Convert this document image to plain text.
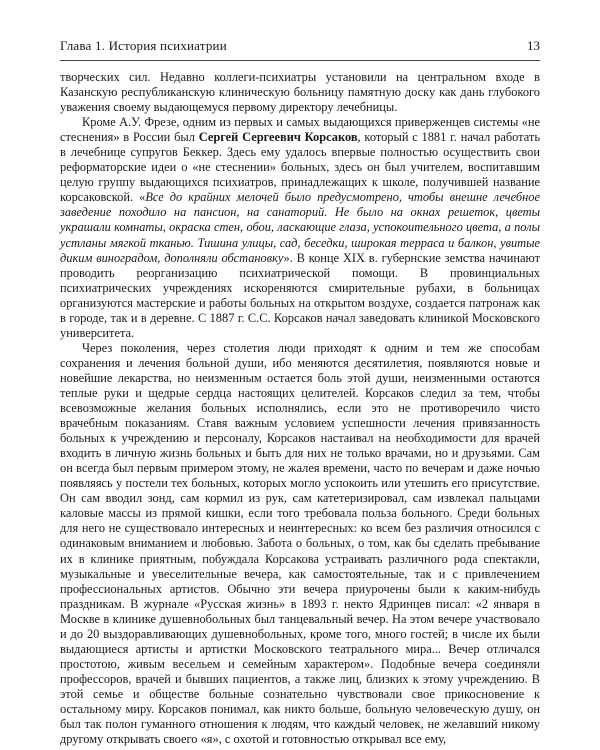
Глава 1. История психиатрии	13

творческих сил. Недавно коллеги-психиатры установили на центральном входе в Казанскую республиканскую клиническую больницу памятную доску как дань глубокого уважения своему выдающемуся первому директору лечебницы.

Кроме А.У. Фрезе, одним из первых и самых выдающихся приверженцев системы «не стеснения» в России был Сергей Сергеевич Корсаков, который с 1881 г. начал работать в лечебнице супругов Беккер. Здесь ему удалось впервые полностью осуществить свои реформаторские идеи о «не стеснении» больных, здесь он был учителем, воспитавшим целую группу выдающихся психиатров, принадлежащих к школе, получившей название корсаковской. «Все до крайних мелочей было предусмотрено, чтобы внешне лечебное заведение походило на пансион, на санаторий. Не было на окнах решеток, цветы украшали комнаты, окраска стен, обои, ласкающие глаза, успокоительного цвета, а полы устланы мягкой тканью. Тишина улицы, сад, беседки, широкая терраса и балкон, увитые диким виноградом, дополняли обстановку». В конце XIX в. губернские земства начинают проводить реорганизацию психиатрической помощи. В провинциальных психиатрических учреждениях искореняются смирительные рубахи, в больницах организуются мастерские и работы больных на открытом воздухе, создается патронаж как в городе, так и в деревне. С 1887 г. С.С. Корсаков начал заведовать клиникой Московского университета.

Через поколения, через столетия люди приходят к одним и тем же способам сохранения и лечения больной души, ибо меняются десятилетия, появляются новые и новейшие лекарства, но неизменным остается боль этой души, неизменными остаются теплые руки и щедрые сердца настоящих целителей. Корсаков следил за тем, чтобы всевозможные желания больных исполнялись, если это не противоречило чисто врачебным показаниям. Ставя важным условием успешности лечения привязанность больных к учреждению и персоналу, Корсаков настаивал на необходимости для врачей входить в личную жизнь больных и быть для них не только врачами, но и друзьями. Сам он всегда был первым примером этому, не жалея времени, часто по вечерам и даже ночью появляясь у постели тех больных, которых могло успокоить или утешить его присутствие. Он сам вводил зонд, сам кормил из рук, сам катетеризировал, сам извлекал пальцами каловые массы из прямой кишки, если того требовала польза больного. Среди больных для него не существовало интересных и неинтересных: ко всем без различия относился с одинаковым вниманием и любовью. Забота о больных, о том, как бы сделать пребывание их в клинике приятным, побуждала Корсакова устраивать различного рода спектакли, музыкальные и увеселительные вечера, как самостоятельные, так и с привлечением профессиональных артистов. Обычно эти вечера приурочены были к каким-нибудь праздникам. В журнале «Русская жизнь» в 1893 г. некто Ядринцев писал: «2 января в Москве в клинике душевнобольных был танцевальный вечер. На этом вечере участвовало и до 20 выздоравливающих душевнобольных, кроме того, много гостей; в числе их были выдающиеся артисты и артистки Московского театрального мира... Вечер отличался простотою, живым весельем и семейным характером». Подобные вечера соединяли профессоров, врачей и бывших пациентов, а также лиц, близких к этому учреждению. В этой семье и обществе больные сознательно чувствовали свое прикосновение к остальному миру. Корсаков понимал, как никто больше, больную человеческую душу, он был так полон гуманного отношения к людям, что каждый человек, не желавший никому другому открывать своего «я», с охотой и готовностью открывал все ему,
